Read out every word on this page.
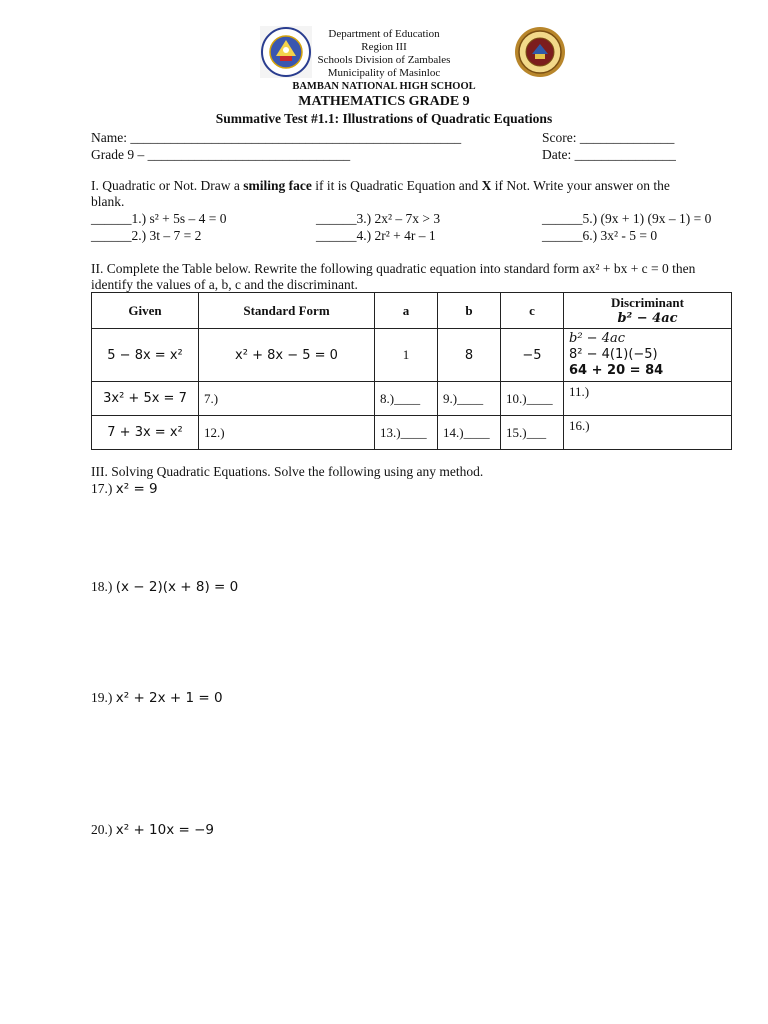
Department of Education
Region III
Schools Division of Zambales
Municipality of Masinloc
BAMBAN NATIONAL HIGH SCHOOL
MATHEMATICS GRADE 9
Summative Test #1.1: Illustrations of Quadratic Equations
Name: _________________________________________________	Score: ______________
Grade 9 – ______________________________	Date: _______________
I. Quadratic or Not. Draw a smiling face if it is Quadratic Equation and X if Not. Write your answer on the
blank.
______1.) s² + 5s – 4 = 0
______2.) 3t – 7 = 2
______3.) 2x² – 7x > 3
______4.) 2r² + 4r – 1
______5.) (9x + 1) (9x – 1) = 0
______6.) 3x² - 5 = 0
II. Complete the Table below. Rewrite the following quadratic equation into standard form ax² + bx + c = 0 then
identify the values of a, b, c and the discriminant.
Given	Standard Form	a	b	c	Discriminant
b² − 4ac

5 − 8x = x²	x² + 8x − 5 = 0	1	8	−5	b² − 4ac
8² − 4(1)(−5)
64 + 20 = 84

3x² + 5x = 7	7.)	8.)____	9.)____	10.)____	11.)
7 + 3x = x²	12.)	13.)____	14.)____	15.)___	16.)
III. Solving Quadratic Equations. Solve the following using any method.
17.) x² = 9
18.) (x − 2)(x + 8) = 0
19.) x² + 2x + 1 = 0
20.) x² + 10x = −9
